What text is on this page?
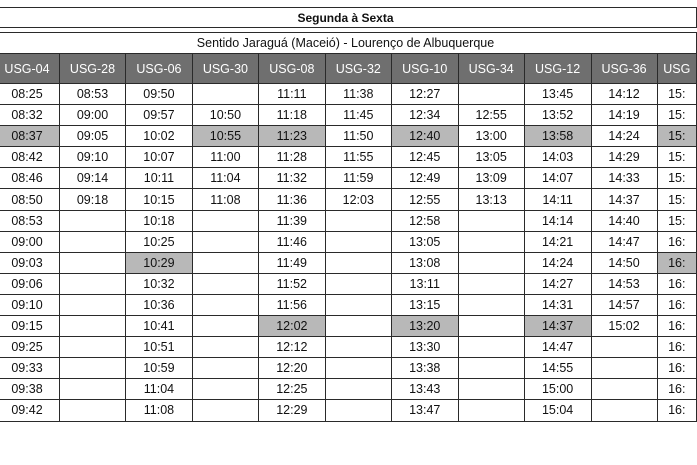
Segunda à Sexta										

Sentido Jaraguá (Maceió) - Lourenço de Albuquerque										
USG-04	USG-28	USG-06	USG-30	USG-08	USG-32	USG-10	USG-34	USG-12	USG-36	USG
08:25	08:53	09:50		11:11	11:38	12:27		13:45	14:12	15:
08:32	09:00	09:57	10:50	11:18	11:45	12:34	12:55	13:52	14:19	15:
08:37	09:05	10:02	10:55	11:23	11:50	12:40	13:00	13:58	14:24	15:
08:42	09:10	10:07	11:00	11:28	11:55	12:45	13:05	14:03	14:29	15:
08:46	09:14	10:11	11:04	11:32	11:59	12:49	13:09	14:07	14:33	15:
08:50	09:18	10:15	11:08	11:36	12:03	12:55	13:13	14:11	14:37	15:
08:53		10:18		11:39		12:58		14:14	14:40	15:
09:00		10:25		11:46		13:05		14:21	14:47	16:
09:03		10:29		11:49		13:08		14:24	14:50	16:
09:06		10:32		11:52		13:11		14:27	14:53	16:
09:10		10:36		11:56		13:15		14:31	14:57	16:
09:15		10:41		12:02		13:20		14:37	15:02	16:
09:25		10:51		12:12		13:30		14:47		16:
09:33		10:59		12:20		13:38		14:55		16:
09:38		11:04		12:25		13:43		15:00		16:
09:42		11:08		12:29		13:47		15:04		16:
